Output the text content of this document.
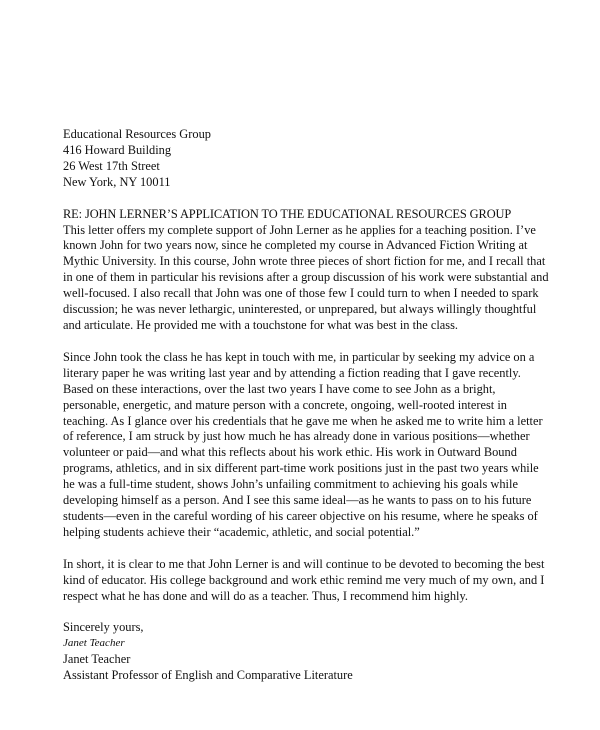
Educational Resources Group
416 Howard Building
26 West 17th Street
New York, NY 10011
RE: JOHN LERNER’S APPLICATION TO THE EDUCATIONAL RESOURCES GROUP

This letter offers my complete support of John Lerner as he applies for a teaching position. I’ve known John for two years now, since he completed my course in Advanced Fiction Writing at Mythic University. In this course, John wrote three pieces of short fiction for me, and I recall that in one of them in particular his revisions after a group discussion of his work were substantial and well-focused. I also recall that John was one of those few I could turn to when I needed to spark discussion; he was never lethargic, uninterested, or unprepared, but always willingly thoughtful and articulate. He provided me with a touchstone for what was best in the class.

Since John took the class he has kept in touch with me, in particular by seeking my advice on a literary paper he was writing last year and by attending a fiction reading that I gave recently. Based on these interactions, over the last two years I have come to see John as a bright, personable, energetic, and mature person with a concrete, ongoing, well-rooted interest in teaching. As I glance over his credentials that he gave me when he asked me to write him a letter of reference, I am struck by just how much he has already done in various positions—whether volunteer or paid—and what this reflects about his work ethic. His work in Outward Bound programs, athletics, and in six different part-time work positions just in the past two years while he was a full-time student, shows John’s unfailing commitment to achieving his goals while developing himself as a person. And I see this same ideal—as he wants to pass on to his future students—even in the careful wording of his career objective on his resume, where he speaks of helping students achieve their “academic, athletic, and social potential.”

In short, it is clear to me that John Lerner is and will continue to be devoted to becoming the best kind of educator. His college background and work ethic remind me very much of my own, and I respect what he has done and will do as a teacher. Thus, I recommend him highly.

Sincerely yours,
Janet Teacher
Janet Teacher
Assistant Professor of English and Comparative Literature
